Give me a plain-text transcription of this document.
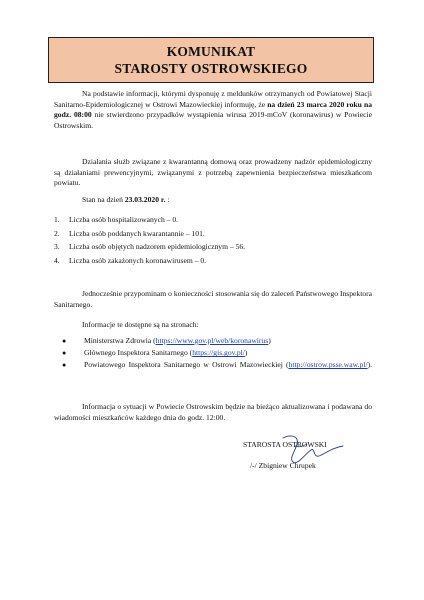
KOMUNIKAT
STAROSTY OSTROWSKIEGO

Na podstawie informacji, którymi dysponuję z meldunków otrzymanych od Powiatowej Stacji Sanitarno-Epidemiologicznej w Ostrowi Mazowieckiej informuję, że na dzień 23 marca 2020 roku na godz. 08:00 nie stwierdzono przypadków wystąpienia wirusa 2019-mCoV (koronawirus) w Powiecie Ostrowskim.

Działania służb związane z kwarantanną domową oraz prowadzeny nadzór epidemiologiczny są działaniami prewencyjnymi, związanymi z potrzebą zapewnienia bezpieczeństwa mieszkańcom powiatu.

Stan na dzień 23.03.2020 r. :

1. Liczba osób hospitalizowanych – 0.
2. Liczba osób poddanych kwarantannie – 101.
3. Liczba osób objętych nadzorem epidemiologicznym – 56.
4. Liczba osób zakażonych koronawirusem – 0.

Jednocześnie przypominam o konieczności stosowania się do zaleceń Państwowego Inspektora Sanitarnego.

Informacje te dostępne są na stronach:

● Ministerstwa Zdrowia (https://www.gov.pl/web/koronawirus)
● Głównego Inspektora Sanitarnego (https://gis.gov.pl/)
● Powiatowego Inspektora Sanitarnego w Ostrowi Mazowieckiej (http://ostrow.psse.waw.pl/).

Informacja o sytuacji w Powiecie Ostrowskim będzie na bieżąco aktualizowana i podawana do wiadomości mieszkańców każdego dnia do godz. 12:00.

STAROSTA OSTROWSKI
/-/ Zbigniew Chrupek
